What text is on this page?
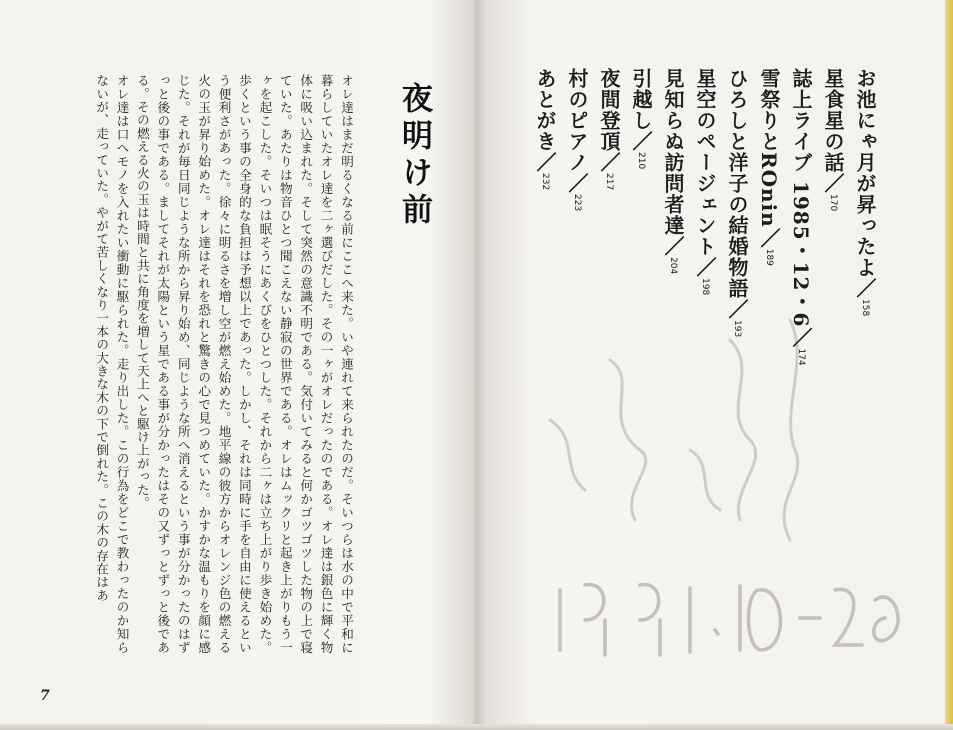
夜明け前

オレ達はまだ明るくなる前にここへ来た。いや連れて来られたのだ。そいつらは水の中で平和に暮らしていたオレ達を二ヶ選びだした。その一ヶがオレだったのである。オレ達は銀色に輝く物体に吸い込まれた。そして突然の意識不明である。気付いてみると何かゴツゴツした物の上で寝ていた。あたりは物音ひとつ聞こえない静寂の世界である。オレはムックリと起き上がりもう一ヶを起こした。そいつは眠そうにあくびをひとつした。それから二ヶは立ち上がり歩き始めた。歩くという事の全身的な負担は予想以上であった。しかし、それは同時に手を自由に使えるという便利さがあった。徐々に明るさを増し空が燃え始めた。地平線の彼方からオレンジ色の燃える火の玉が昇り始めた。オレ達はそれを恐れと驚きの心で見つめていた。かすかな温もりを顔に感じた。それが毎日同じような所から昇り始め、同じような所へ消えるという事が分かったのはずっと後の事である。ましてそれが太陽という星である事が分かったはその又ずっとずっと後である。その燃える火の玉は時間と共に角度を増して天上へと駆け上がった。

オレ達は口へモノを入れたい衝動に駆られた。走り出した。この行為をどこで教わったのか知らないが、走っていた。やがて苦しくなり一本の大きな木の下で倒れた。この木の存在はあ

7
お池にゃ月が昇ったよ／158
星食星の話／170
誌上ライブ 1985・12・6／174
雪祭りとROnin／189
ひろしと洋子の結婚物語／193
星空のページェント／198
見知らぬ訪問者達／204
引越し／210
夜間登頂／217
村のピアノ／223
あとがき／232
